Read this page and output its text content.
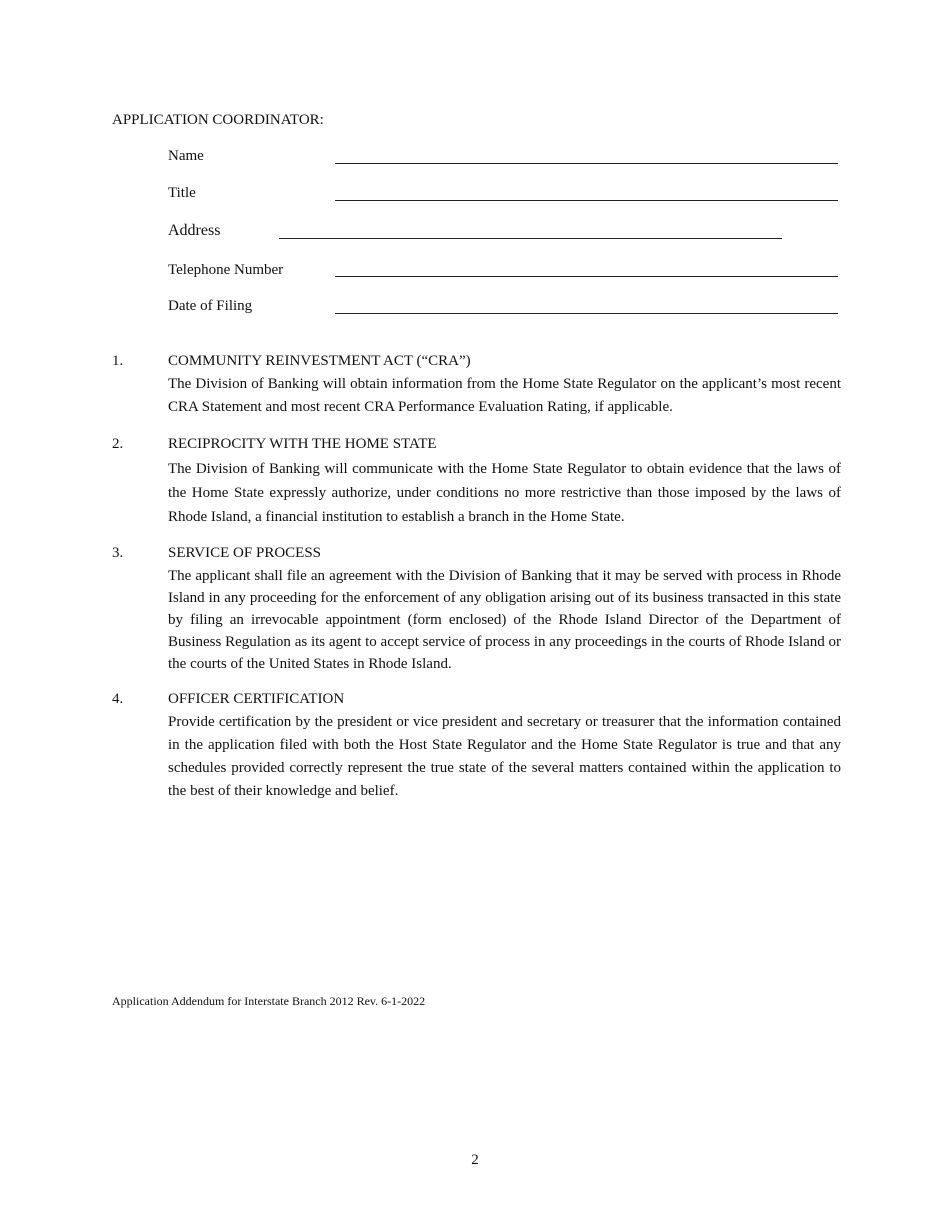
APPLICATION COORDINATOR:
Name
Title
Address
Telephone Number
Date of Filing
1.	COMMUNITY REINVESTMENT ACT (“CRA”)
The Division of Banking will obtain information from the Home State Regulator on the applicant’s most recent CRA Statement and most recent CRA Performance Evaluation Rating, if applicable.
2.	RECIPROCITY WITH THE HOME STATE
The Division of Banking will communicate with the Home State Regulator to obtain evidence that the laws of the Home State expressly authorize, under conditions no more restrictive than those imposed by the laws of Rhode Island, a financial institution to establish a branch in the Home State.
3.	SERVICE OF PROCESS
The applicant shall file an agreement with the Division of Banking that it may be served with process in Rhode Island in any proceeding for the enforcement of any obligation arising out of its business transacted in this state by filing an irrevocable appointment (form enclosed) of the Rhode Island Director of the Department of Business Regulation as its agent to accept service of process in any proceedings in the courts of Rhode Island or the courts of the United States in Rhode Island.
4.	OFFICER CERTIFICATION
Provide certification by the president or vice president and secretary or treasurer that the information contained in the application filed with both the Host State Regulator and the Home State Regulator is true and that any schedules provided correctly represent the true state of the several matters contained within the application to the best of their knowledge and belief.
Application Addendum for Interstate Branch 2012 Rev. 6-1-2022
2
